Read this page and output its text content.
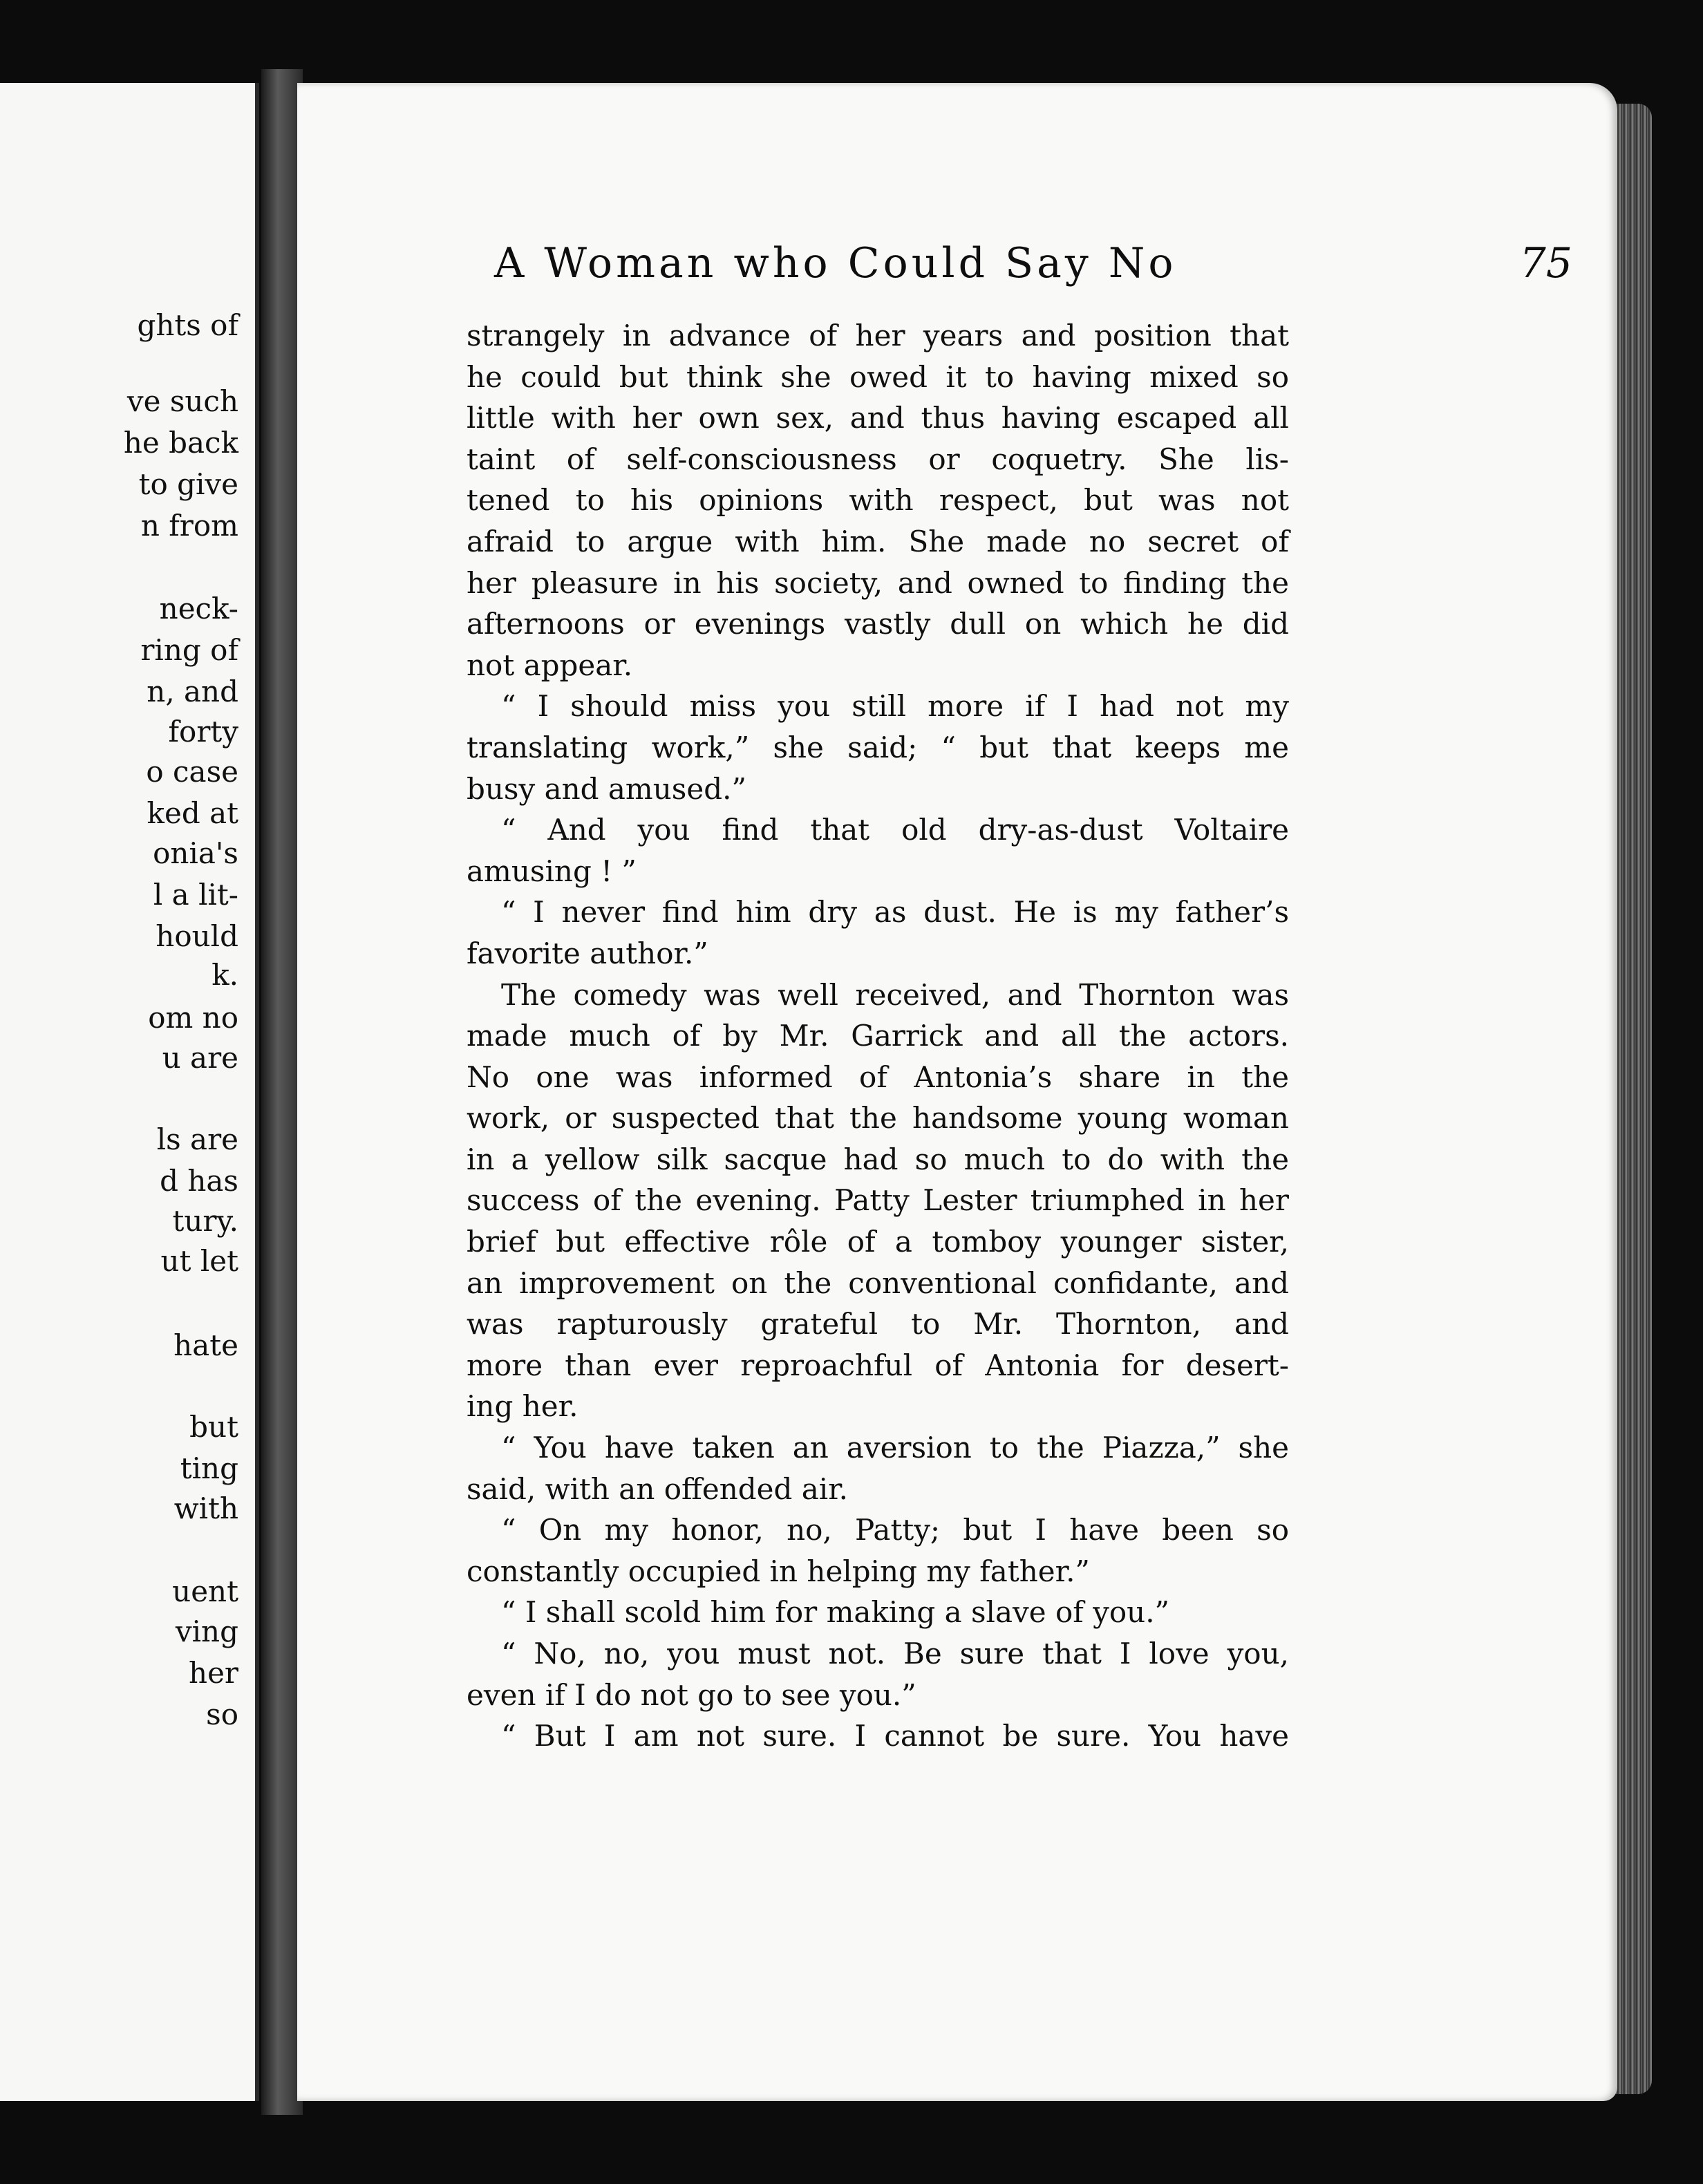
ghts of
ve such
he back
to give
n from
neck-
ring of
n, and
forty
o case
ked at
onia's
l a lit-
hould
k.
om no
u are
ls are
d has
tury.
ut let
hate
but
ting
with
uent
ving
her
so
A Woman who Could Say No	75
strangely in advance of her years and position that
he could but think she owed it to having mixed so
little with her own sex, and thus having escaped all
taint of self-consciousness or coquetry. She lis-
tened to his opinions with respect, but was not
afraid to argue with him. She made no secret of
her pleasure in his society, and owned to finding the
afternoons or evenings vastly dull on which he did
not appear.
“ I should miss you still more if I had not my
translating work,” she said; “ but that keeps me
busy and amused.”
“ And you find that old dry-as-dust Voltaire
amusing ! ”
“ I never find him dry as dust. He is my father’s
favorite author.”
The comedy was well received, and Thornton was
made much of by Mr. Garrick and all the actors.
No one was informed of Antonia’s share in the
work, or suspected that the handsome young woman
in a yellow silk sacque had so much to do with the
success of the evening. Patty Lester triumphed in her
brief but effective rôle of a tomboy younger sister,
an improvement on the conventional confidante, and
was rapturously grateful to Mr. Thornton, and
more than ever reproachful of Antonia for desert-
ing her.
“ You have taken an aversion to the Piazza,” she
said, with an offended air.
“ On my honor, no, Patty; but I have been so
constantly occupied in helping my father.”
“ I shall scold him for making a slave of you.”
“ No, no, you must not. Be sure that I love you,
even if I do not go to see you.”
“ But I am not sure. I cannot be sure. You have
